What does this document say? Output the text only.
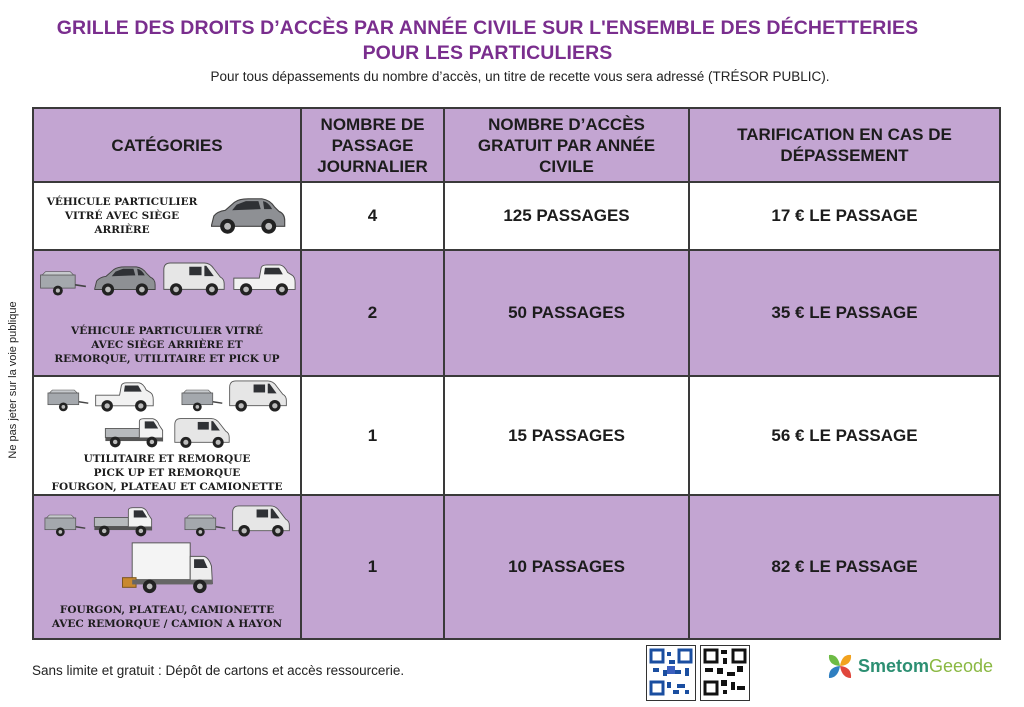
GRILLE DES DROITS D’ACCÈS PAR ANNÉE CIVILE SUR L'ENSEMBLE DES DÉCHETTERIES
POUR LES PARTICULIERS
Pour tous dépassements du nombre d’accès, un titre de recette vous sera adressé (TRÉSOR PUBLIC).
Ne pas jeter sur la voie publique
CATÉGORIES	NOMBRE DE PASSAGE JOURNALIER	NOMBRE D’ACCÈS GRATUIT PAR ANNÉE CIVILE	TARIFICATION EN CAS DE DÉPASSEMENT

VÉHICULE PARTICULIER
VITRÉ AVEC SIÈGE
ARRIÈRE	4	125 PASSAGES	17 € LE PASSAGE

VÉHICULE PARTICULIER VITRÉ
AVEC SIÈGE ARRIÈRE ET
REMORQUE, UTILITAIRE ET PICK UP	2	50 PASSAGES	35 € LE PASSAGE

UTILITAIRE ET REMORQUE
PICK UP ET REMORQUE
FOURGON, PLATEAU ET CAMIONETTE	1	15 PASSAGES	56 € LE PASSAGE

FOURGON, PLATEAU, CAMIONETTE
AVEC REMORQUE / CAMION A HAYON	1	10 PASSAGES	82 € LE PASSAGE
Sans limite et gratuit : Dépôt de cartons et accès ressourcerie.	SmetomGeeode
